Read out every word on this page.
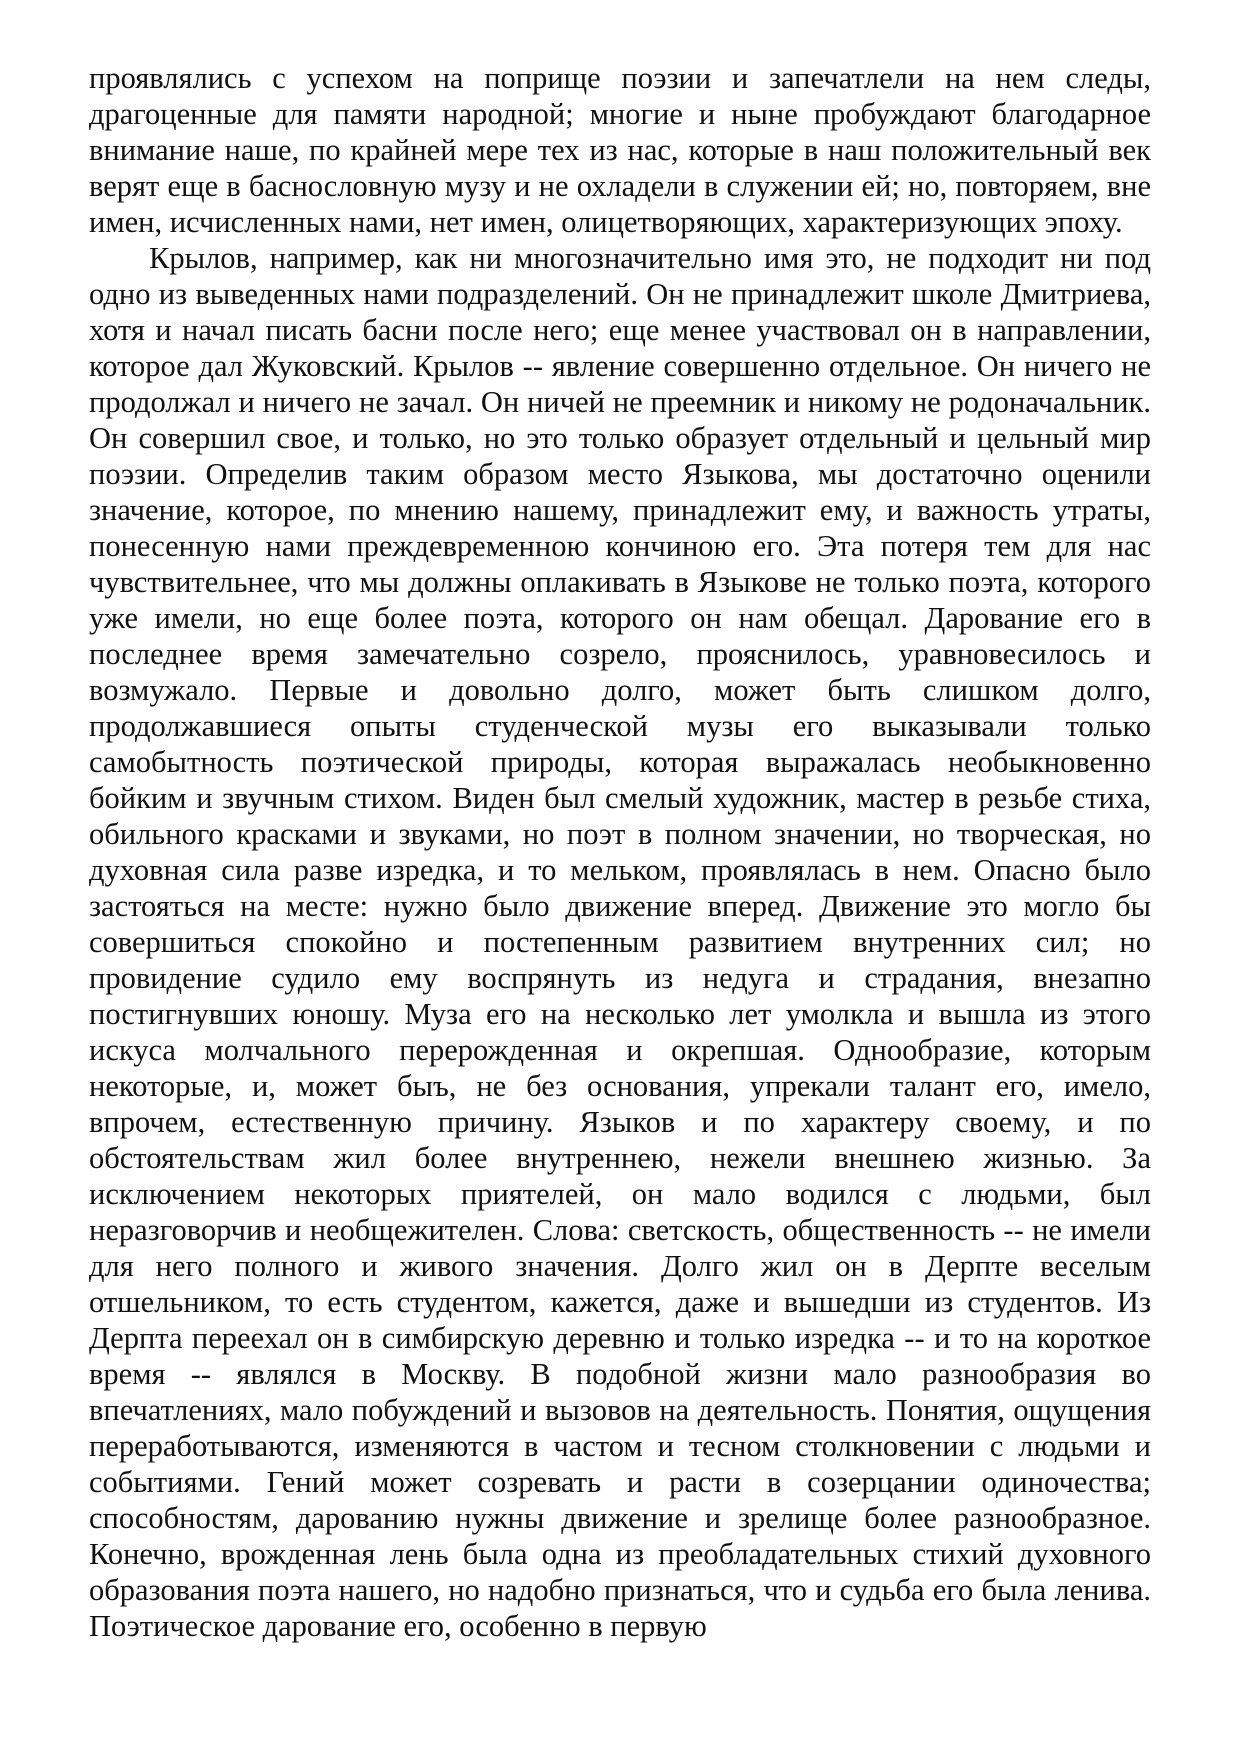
проявлялись с успехом на поприще поэзии и запечатлели на нем следы, драгоценные для памяти народной; многие и ныне пробуждают благодарное внимание наше, по крайней мере тех из нас, которые в наш положительный век верят еще в баснословную музу и не охладели в служении ей; но, повторяем, вне имен, исчисленных нами, нет имен, олицетворяющих, характеризующих эпоху.

Крылов, например, как ни многозначительно имя это, не подходит ни под одно из выведенных нами подразделений. Он не принадлежит школе Дмитриева, хотя и начал писать басни после него; еще менее участвовал он в направлении, которое дал Жуковский. Крылов -- явление совершенно отдельное. Он ничего не продолжал и ничего не зачал. Он ничей не преемник и никому не родоначальник. Он совершил свое, и только, но это только образует отдельный и цельный мир поэзии. Определив таким образом место Языкова, мы достаточно оценили значение, которое, по мнению нашему, принадлежит ему, и важность утраты, понесенную нами преждевременною кончиною его. Эта потеря тем для нас чувствительнее, что мы должны оплакивать в Языкове не только поэта, которого уже имели, но еще более поэта, которого он нам обещал. Дарование его в последнее время замечательно созрело, прояснилось, уравновесилось и возмужало. Первые и довольно долго, может быть слишком долго, продолжавшиеся опыты студенческой музы его выказывали только самобытность поэтической природы, которая выражалась необыкновенно бойким и звучным стихом. Виден был смелый художник, мастер в резьбе стиха, обильного красками и звуками, но поэт в полном значении, но творческая, но духовная сила разве изредка, и то мельком, проявлялась в нем. Опасно было застояться на месте: нужно было движение вперед. Движение это могло бы совершиться спокойно и постепенным развитием внутренних сил; но провидение судило ему воспрянуть из недуга и страдания, внезапно постигнувших юношу. Муза его на несколько лет умолкла и вышла из этого искуса молчального перерожденная и окрепшая. Однообразие, которым некоторые, и, может быъ, не без основания, упрекали талант его, имело, впрочем, естественную причину. Языков и по характеру своему, и по обстоятельствам жил более внутреннею, нежели внешнею жизнью. За исключением некоторых приятелей, он мало водился с людьми, был неразговорчив и необщежителен. Слова: светскость, общественность -- не имели для него полного и живого значения. Долго жил он в Дерпте веселым отшельником, то есть студентом, кажется, даже и вышедши из студентов. Из Дерпта переехал он в симбирскую деревню и только изредка -- и то на короткое время -- являлся в Москву. В подобной жизни мало разнообразия во впечатлениях, мало побуждений и вызовов на деятельность. Понятия, ощущения переработываются, изменяются в частом и тесном столкновении с людьми и событиями. Гений может созревать и расти в созерцании одиночества; способностям, дарованию нужны движение и зрелище более разнообразное. Конечно, врожденная лень была одна из преобладательных стихий духовного образования поэта нашего, но надобно признаться, что и судьба его была ленива. Поэтическое дарование его, особенно в первую
